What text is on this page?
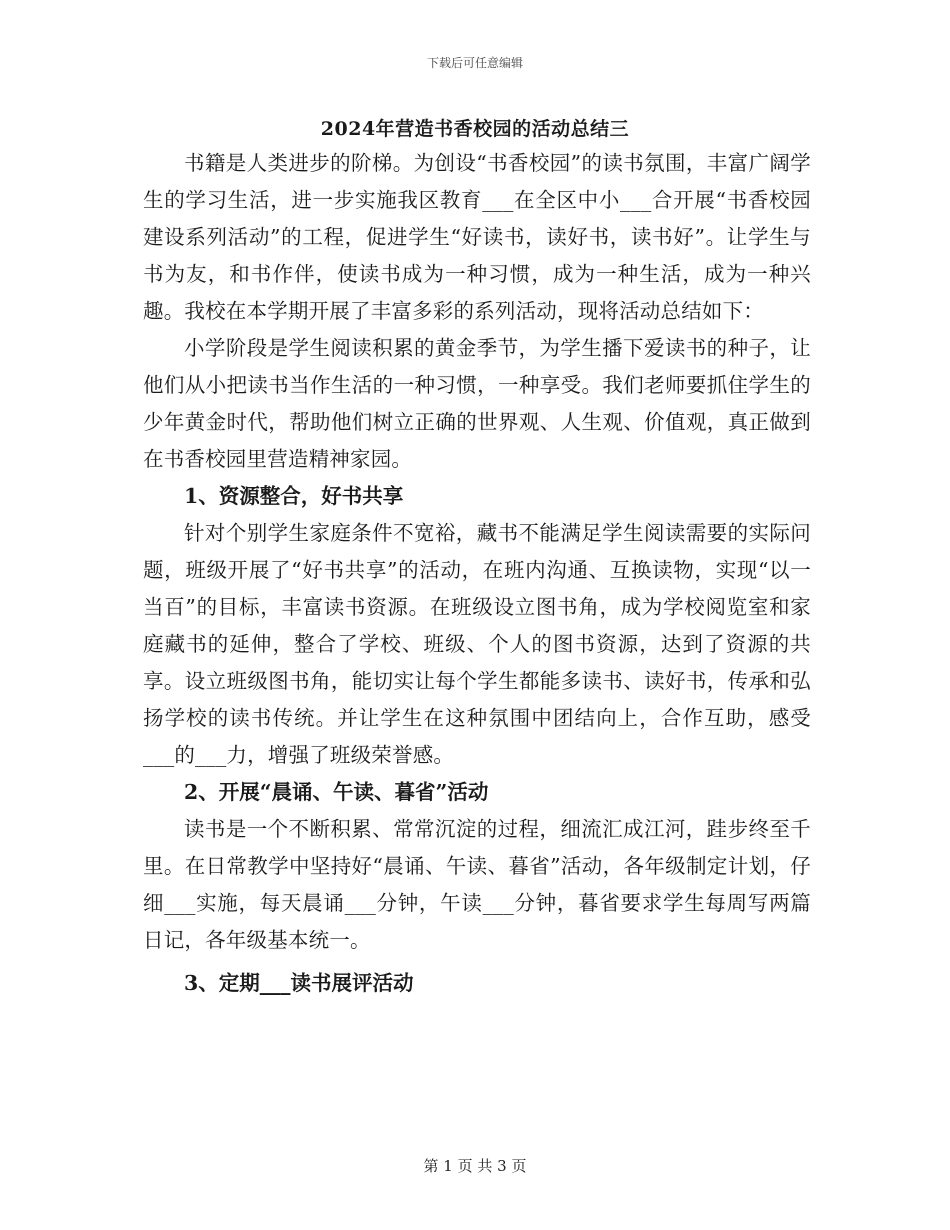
下载后可任意编辑
2024年营造书香校园的活动总结三

书籍是人类进步的阶梯。为创设“书香校园”的读书氛围，丰富广阔学生的学习生活，进一步实施我区教育___在全区中小___合开展“书香校园建设系列活动”的工程，促进学生“好读书，读好书，读书好”。让学生与书为友，和书作伴，使读书成为一种习惯，成为一种生活，成为一种兴趣。我校在本学期开展了丰富多彩的系列活动，现将活动总结如下：

小学阶段是学生阅读积累的黄金季节，为学生播下爱读书的种子，让他们从小把读书当作生活的一种习惯，一种享受。我们老师要抓住学生的少年黄金时代，帮助他们树立正确的世界观、人生观、价值观，真正做到在书香校园里营造精神家园。

1、资源整合，好书共享

针对个别学生家庭条件不宽裕，藏书不能满足学生阅读需要的实际问题，班级开展了“好书共享”的活动，在班内沟通、互换读物，实现“以一当百”的目标，丰富读书资源。在班级设立图书角，成为学校阅览室和家庭藏书的延伸，整合了学校、班级、个人的图书资源，达到了资源的共享。设立班级图书角，能切实让每个学生都能多读书、读好书，传承和弘扬学校的读书传统。并让学生在这种氛围中团结向上，合作互助，感受___的___力，增强了班级荣誉感。

2、开展“晨诵、午读、暮省”活动

读书是一个不断积累、常常沉淀的过程，细流汇成江河，跬步终至千里。在日常教学中坚持好“晨诵、午读、暮省”活动，各年级制定计划，仔细___实施，每天晨诵___分钟，午读___分钟，暮省要求学生每周写两篇日记，各年级基本统一。

3、定期___读书展评活动

第 1 页 共 3 页
